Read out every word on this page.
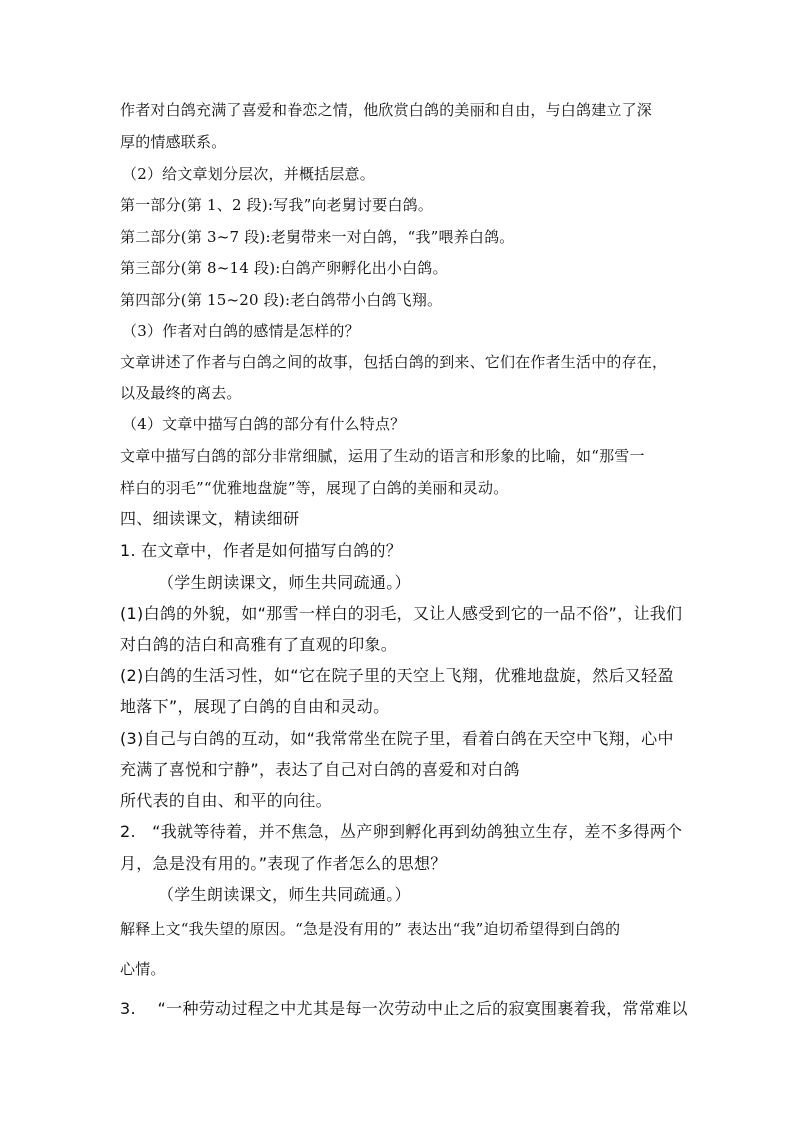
作者对白鸽充满了喜爱和眷恋之情，他欣赏白鸽的美丽和自由，与白鸽建立了深
厚的情感联系。
（2）给文章划分层次，并概括层意。
第一部分(第 1、2 段):写我”向老舅讨要白鸽。
第二部分(第 3~7 段):老舅带来一对白鸽，“我”喂养白鸽。
第三部分(第 8~14 段):白鸽产卵孵化出小白鸽。
第四部分(第 15~20 段):老白鸽带小白鸽飞翔。
（3）作者对白鸽的感情是怎样的？
文章讲述了作者与白鸽之间的故事，包括白鸽的到来、它们在作者生活中的存在，
以及最终的离去。
（4）文章中描写白鸽的部分有什么特点？
文章中描写白鸽的部分非常细腻，运用了生动的语言和形象的比喻，如“那雪一
样白的羽毛”“优雅地盘旋”等，展现了白鸽的美丽和灵动。
四、细读课文，精读细研
1. 在文章中，作者是如何描写白鸽的？
（学生朗读课文，师生共同疏通。）
(1)白鸽的外貌，如“那雪一样白的羽毛，又让人感受到它的一品不俗”，让我们
对白鸽的洁白和高雅有了直观的印象。
(2)白鸽的生活习性，如“它在院子里的天空上飞翔，优雅地盘旋，然后又轻盈
地落下”，展现了白鸽的自由和灵动。
(3)自己与白鸽的互动，如“我常常坐在院子里，看着白鸽在天空中飞翔，心中
充满了喜悦和宁静”，表达了自己对白鸽的喜爱和对白鸽
所代表的自由、和平的向往。
2.　“我就等待着，并不焦急，丛产卵到孵化再到幼鸽独立生存，差不多得两个
月，急是没有用的。”表现了作者怎么的思想？
（学生朗读课文，师生共同疏通。）
解释上文“我失望的原因。“急是没有用的” 表达出“我”迫切希望得到白鸽的
心情。
3.　 “一种劳动过程之中尤其是每一次劳动中止之后的寂寞围裹着我，常常难以
